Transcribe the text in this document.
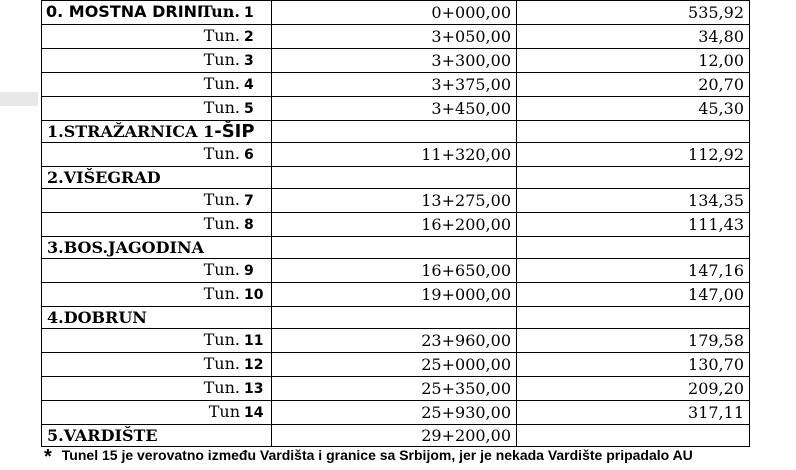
0. MOSTNA DRINI
Tun. 1	0+000,00	535,92
Tun. 2	3+050,00	34,80
Tun. 3	3+300,00	12,00
Tun. 4	3+375,00	20,70
Tun. 5	3+450,00	45,30
1.STRAŽARNICA 1-ŠIP		
Tun. 6	11+320,00	112,92
2.VIŠEGRAD		
Tun. 7	13+275,00	134,35
Tun. 8	16+200,00	111,43
3.BOS.JAGODINA		
Tun. 9	16+650,00	147,16
Tun. 10	19+000,00	147,00
4.DOBRUN		
Tun. 11	23+960,00	179,58
Tun. 12	25+000,00	130,70
Tun. 13	25+350,00	209,20
Tun 14	25+930,00	317,11
5.VARDIŠTE	29+200,00	
* Tunel 15 je verovatno između Vardišta i granice sa Srbijom, jer je nekada Vardište pripadalo AU
